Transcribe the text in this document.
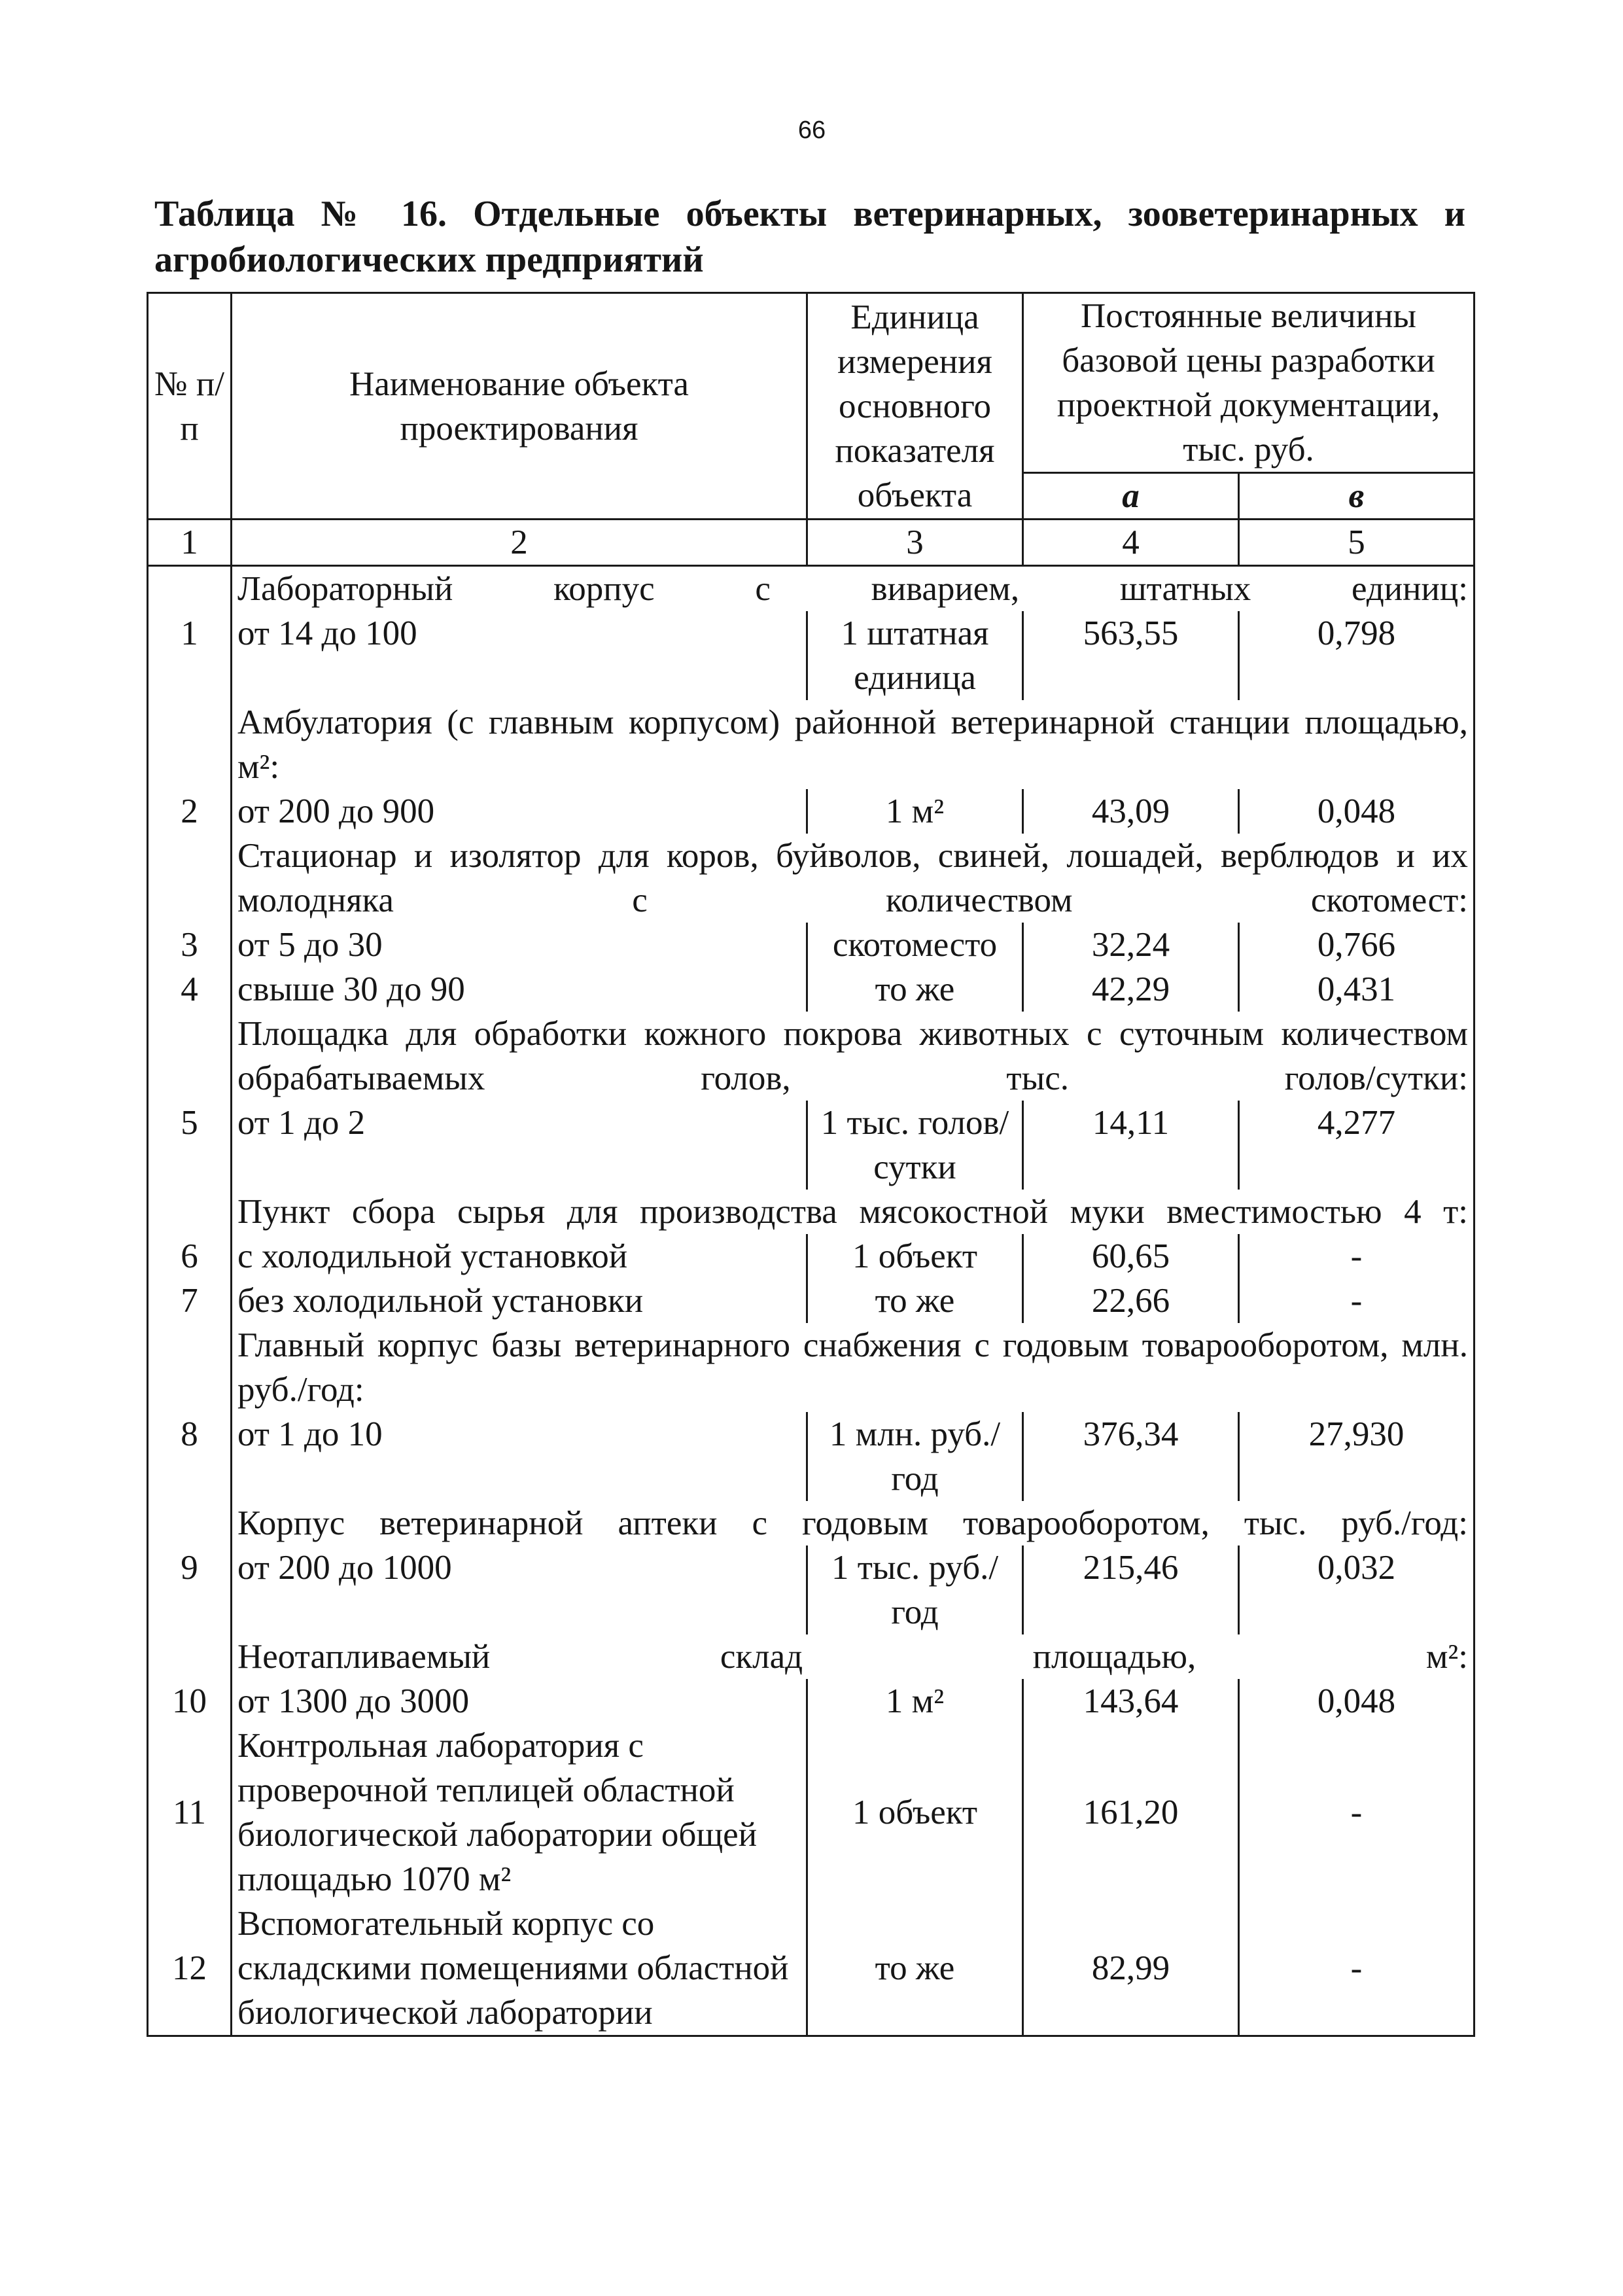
66
Таблица № 16. Отдельные объекты ветеринарных, зооветеринарных и
агробиологических предприятий
№ п/п	Наименование объекта проектирования	Единица измерения основного показателя объекта	Постоянные величины базовой цены разработки проектной документации, тыс. руб.	
			а	в
1	2	3	4	5
	Лабораторный корпус с виварием, штатных единиц:			
1	от 14 до 100	1 штатная единица	563,55	0,798
	Амбулатория (с главным корпусом) районной ветеринарной станции площадью, м²:			
2	от 200 до 900	1 м²	43,09	0,048
	Стационар и изолятор для коров, буйволов, свиней, лошадей, верблюдов и их молодняка с количеством скотомест:			
3	от 5 до 30	скотоместо	32,24	0,766
4	свыше 30 до 90	то же	42,29	0,431
	Площадка для обработки кожного покрова животных с суточным количеством обрабатываемых голов, тыс. голов/сутки:			
5	от 1 до 2	1 тыс. голов/сутки	14,11	4,277
	Пункт сбора сырья для производства мясокостной муки вместимостью 4 т:			
6	с холодильной установкой	1 объект	60,65	-
7	без холодильной установки	то же	22,66	-
	Главный корпус базы ветеринарного снабжения с годовым товарооборотом, млн. руб./год:			
8	от 1 до 10	1 млн. руб./год	376,34	27,930
	Корпус ветеринарной аптеки с годовым товарооборотом, тыс. руб./год:			
9	от 200 до 1000	1 тыс. руб./год	215,46	0,032
	Неотапливаемый склад площадью, м²:			
10	от 1300 до 3000	1 м²	143,64	0,048
11	Контрольная лаборатория с проверочной теплицей областной биологической лаборатории общей площадью 1070 м²	1 объект	161,20	-
12	Вспомогательный корпус со складскими помещениями областной биологической лаборатории	то же	82,99	-
